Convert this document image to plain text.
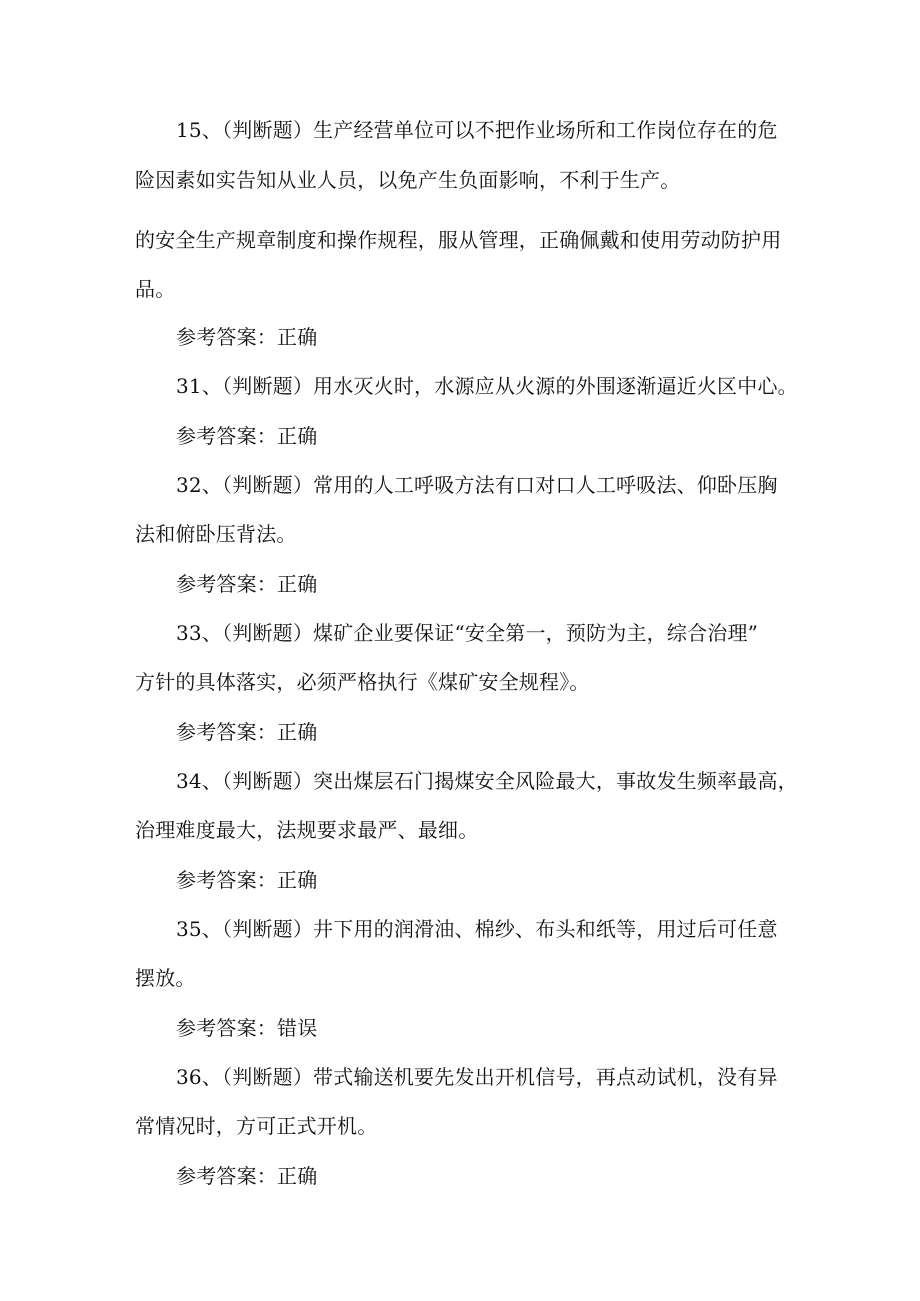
15、（判断题）生产经营单位可以不把作业场所和工作岗位存在的危
险因素如实告知从业人员，以免产生负面影响，不利于生产。
的安全生产规章制度和操作规程，服从管理，正确佩戴和使用劳动防护用
品。
参考答案：正确
31、（判断题）用水灭火时，水源应从火源的外围逐渐逼近火区中心。
参考答案：正确
32、（判断题）常用的人工呼吸方法有口对口人工呼吸法、仰卧压胸
法和俯卧压背法。
参考答案：正确
33、（判断题）煤矿企业要保证“安全第一，预防为主，综合治理”
方针的具体落实，必须严格执行《煤矿安全规程》。
参考答案：正确
34、（判断题）突出煤层石门揭煤安全风险最大，事故发生频率最高，
治理难度最大，法规要求最严、最细。
参考答案：正确
35、（判断题）井下用的润滑油、棉纱、布头和纸等，用过后可任意
摆放。
参考答案：错误
36、（判断题）带式输送机要先发出开机信号，再点动试机，没有异
常情况时，方可正式开机。
参考答案：正确
